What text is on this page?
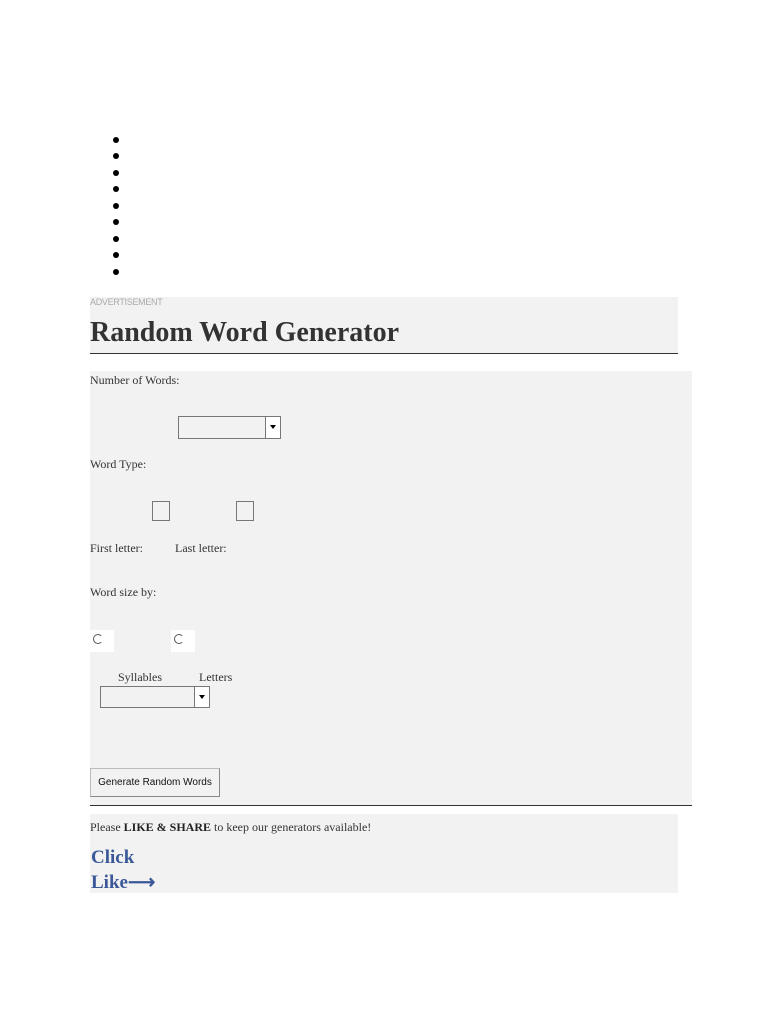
ADVERTISEMENT
Random Word Generator
Number of Words:
Word Type:
First letter:	Last letter:
Word size by:
Syllables	Letters
Generate Random Words
Please LIKE & SHARE to keep our generators available!
Click
Like⟶
